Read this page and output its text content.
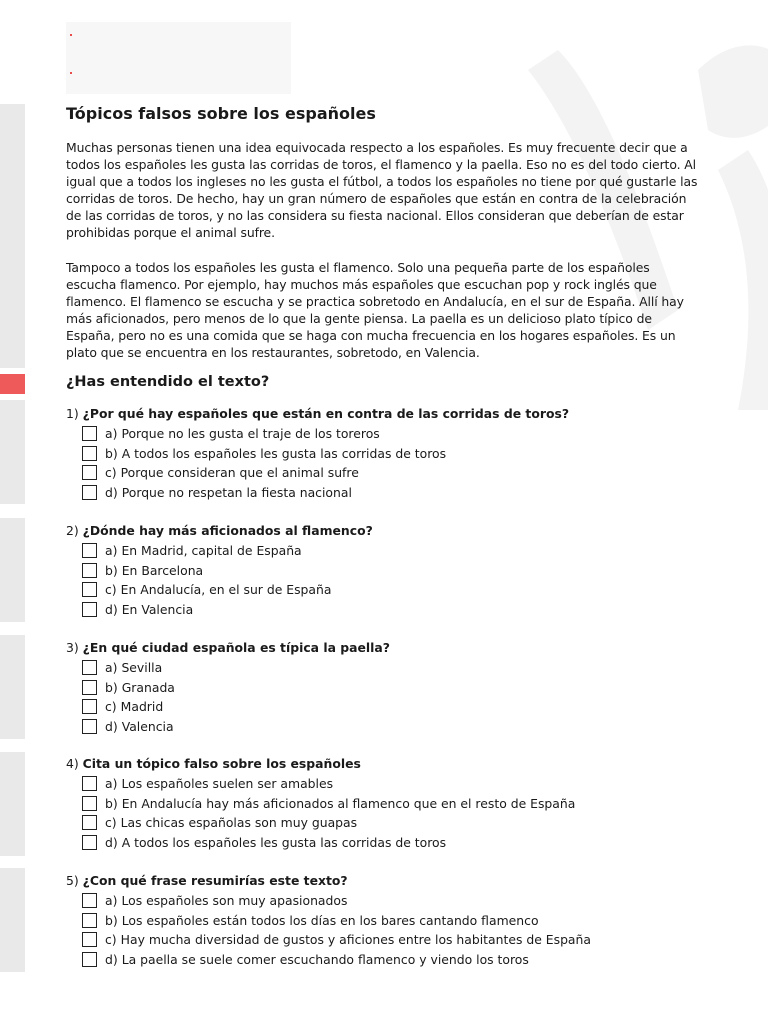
Tópicos falsos sobre los españoles

Muchas personas tienen una idea equivocada respecto a los españoles. Es muy frecuente decir que a todos los españoles les gusta las corridas de toros, el flamenco y la paella. Eso no es del todo cierto. Al igual que a todos los ingleses no les gusta el fútbol, a todos los españoles no tiene por qué gustarle las corridas de toros. De hecho, hay un gran número de españoles que están en contra de la celebración de las corridas de toros, y no las considera su fiesta nacional. Ellos consideran que deberían de estar prohibidas porque el animal sufre.

Tampoco a todos los españoles les gusta el flamenco. Solo una pequeña parte de los españoles escucha flamenco. Por ejemplo, hay muchos más españoles que escuchan pop y rock inglés que flamenco. El flamenco se escucha y se practica sobretodo en Andalucía, en el sur de España. Allí hay más aficionados, pero menos de lo que la gente piensa. La paella es un delicioso plato típico de España, pero no es una comida que se haga con mucha frecuencia en los hogares españoles. Es un plato que se encuentra en los restaurantes, sobretodo, en Valencia.

¿Has entendido el texto?
1) ¿Por qué hay españoles que están en contra de las corridas de toros?
a) Porque no les gusta el traje de los toreros
b) A todos los españoles les gusta las corridas de toros
c) Porque consideran que el animal sufre
d) Porque no respetan la fiesta nacional
2) ¿Dónde hay más aficionados al flamenco?
a) En Madrid, capital de España
b) En Barcelona
c) En Andalucía, en el sur de España
d) En Valencia
3) ¿En qué ciudad española es típica la paella?
a) Sevilla
b) Granada
c) Madrid
d) Valencia
4) Cita un tópico falso sobre los españoles
a) Los españoles suelen ser amables
b) En Andalucía hay más aficionados al flamenco que en el resto de España
c) Las chicas españolas son muy guapas
d) A todos los españoles les gusta las corridas de toros
5) ¿Con qué frase resumirías este texto?
a) Los españoles son muy apasionados
b) Los españoles están todos los días en los bares cantando flamenco
c) Hay mucha diversidad de gustos y aficiones entre los habitantes de España
d) La paella se suele comer escuchando flamenco y viendo los toros
